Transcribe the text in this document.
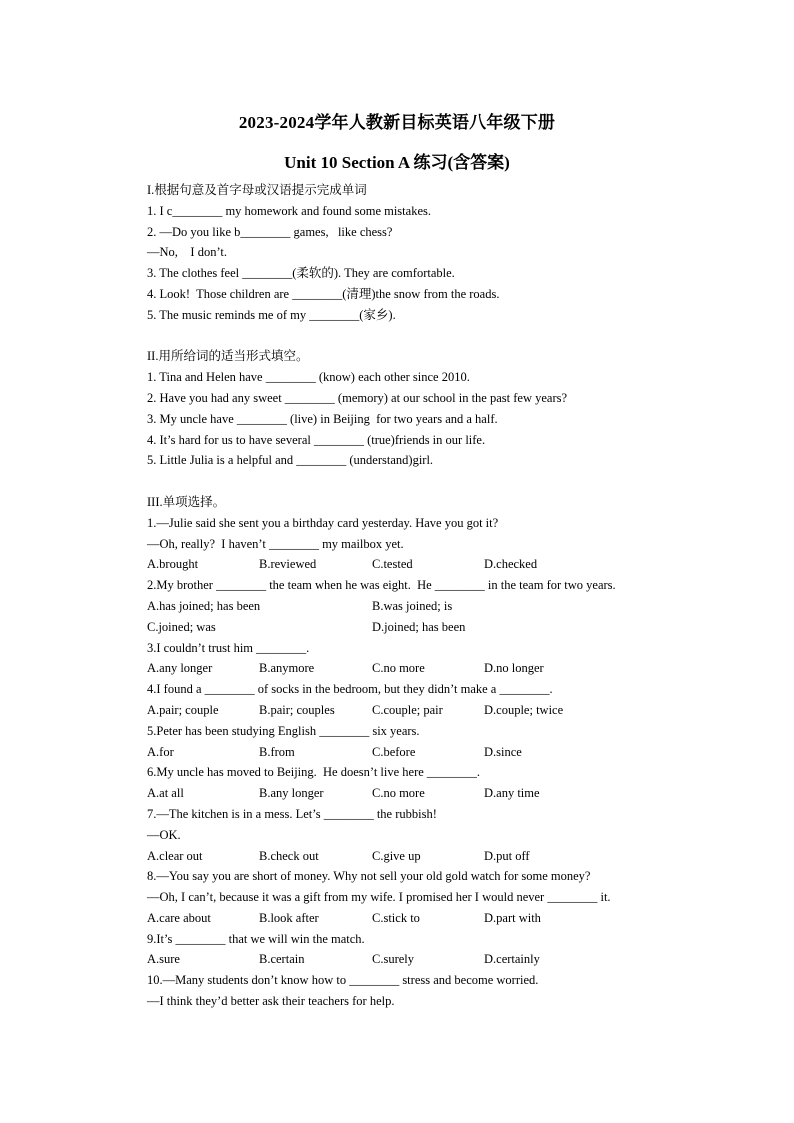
2023-2024学年人教新目标英语八年级下册
Unit 10 Section A 练习(含答案)
I.根据句意及首字母或汉语提示完成单词
1. I c________ my homework and found some mistakes.
2. —Do you like b________ games,   like chess?
—No,    I don’t.
3. The clothes feel ________(柔软的). They are comfortable.
4. Look!  Those children are ________(清理)the snow from the roads.
5. The music reminds me of my ________(家乡).
II.用所给词的适当形式填空。
1. Tina and Helen have ________ (know) each other since 2010.
2. Have you had any sweet ________ (memory) at our school in the past few years?
3. My uncle have ________ (live) in Beijing  for two years and a half.
4. It’s hard for us to have several ________ (true)friends in our life.
5. Little Julia is a helpful and ________ (understand)girl.
III.单项选择。
1.—Julie said she sent you a birthday card yesterday. Have you got it?
—Oh, really?  I haven’t ________ my mailbox yet.

A.brought

	B.reviewed

	C.tested

	D.checked

2.My brother ________ the team when he was eight.  He ________ in the team for two years.

A.has joined; has been

	B.was joined; is

C.joined; was

	D.joined; has been

3.I couldn’t trust him ________.

A.any longer

	B.anymore

	C.no more

	D.no longer

4.I found a ________ of socks in the bedroom, but they didn’t make a ________.

A.pair; couple

	B.pair; couples

	C.couple; pair

	D.couple; twice

5.Peter has been studying English ________ six years.

A.for

	B.from

	C.before

	D.since

6.My uncle has moved to Beijing.  He doesn’t live here ________.

A.at all

	B.any longer

	C.no more

	D.any time

7.—The kitchen is in a mess. Let’s ________ the rubbish!
—OK.

A.clear out

	B.check out

	C.give up

	D.put off

8.—You say you are short of money. Why not sell your old gold watch for some money?
—Oh, I can’t, because it was a gift from my wife. I promised her I would never ________ it.

A.care about

	B.look after

	C.stick to

	D.part with

9.It’s ________ that we will win the match.

A.sure

	B.certain

	C.surely

	D.certainly

10.—Many students don’t know how to ________ stress and become worried.
—I think they’d better ask their teachers for help.
